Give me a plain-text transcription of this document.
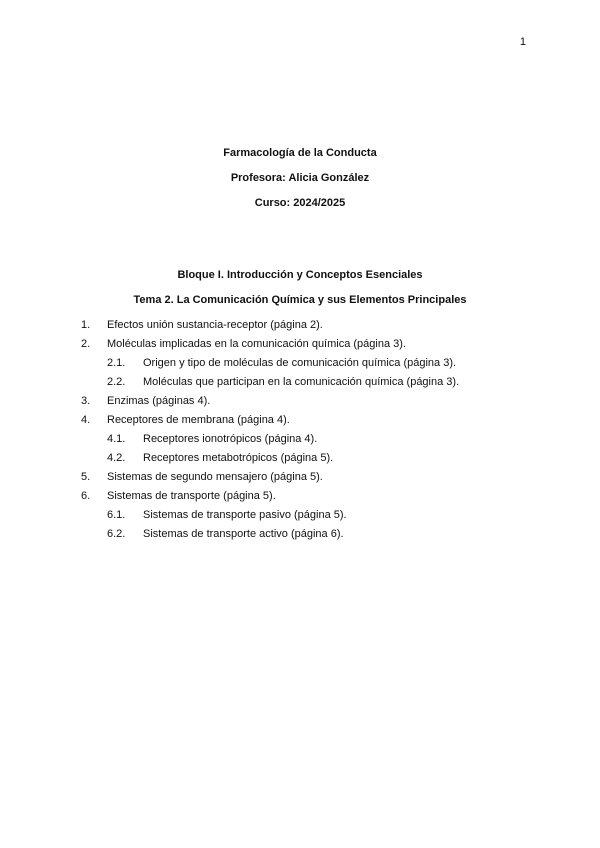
1
Farmacología de la Conducta
Profesora: Alicia González
Curso: 2024/2025
Bloque I. Introducción y Conceptos Esenciales
Tema 2. La Comunicación Química y sus Elementos Principales
1. Efectos unión sustancia-receptor (página 2).
2. Moléculas implicadas en la comunicación química (página 3).
2.1. Origen y tipo de moléculas de comunicación química (página 3).
2.2. Moléculas que participan en la comunicación química (página 3).
3. Enzimas (páginas 4).
4. Receptores de membrana (página 4).
4.1. Receptores ionotrópicos (página 4).
4.2. Receptores metabotrópicos (página 5).
5. Sistemas de segundo mensajero (página 5).
6. Sistemas de transporte (página 5).
6.1. Sistemas de transporte pasivo (página 5).
6.2. Sistemas de transporte activo (página 6).
